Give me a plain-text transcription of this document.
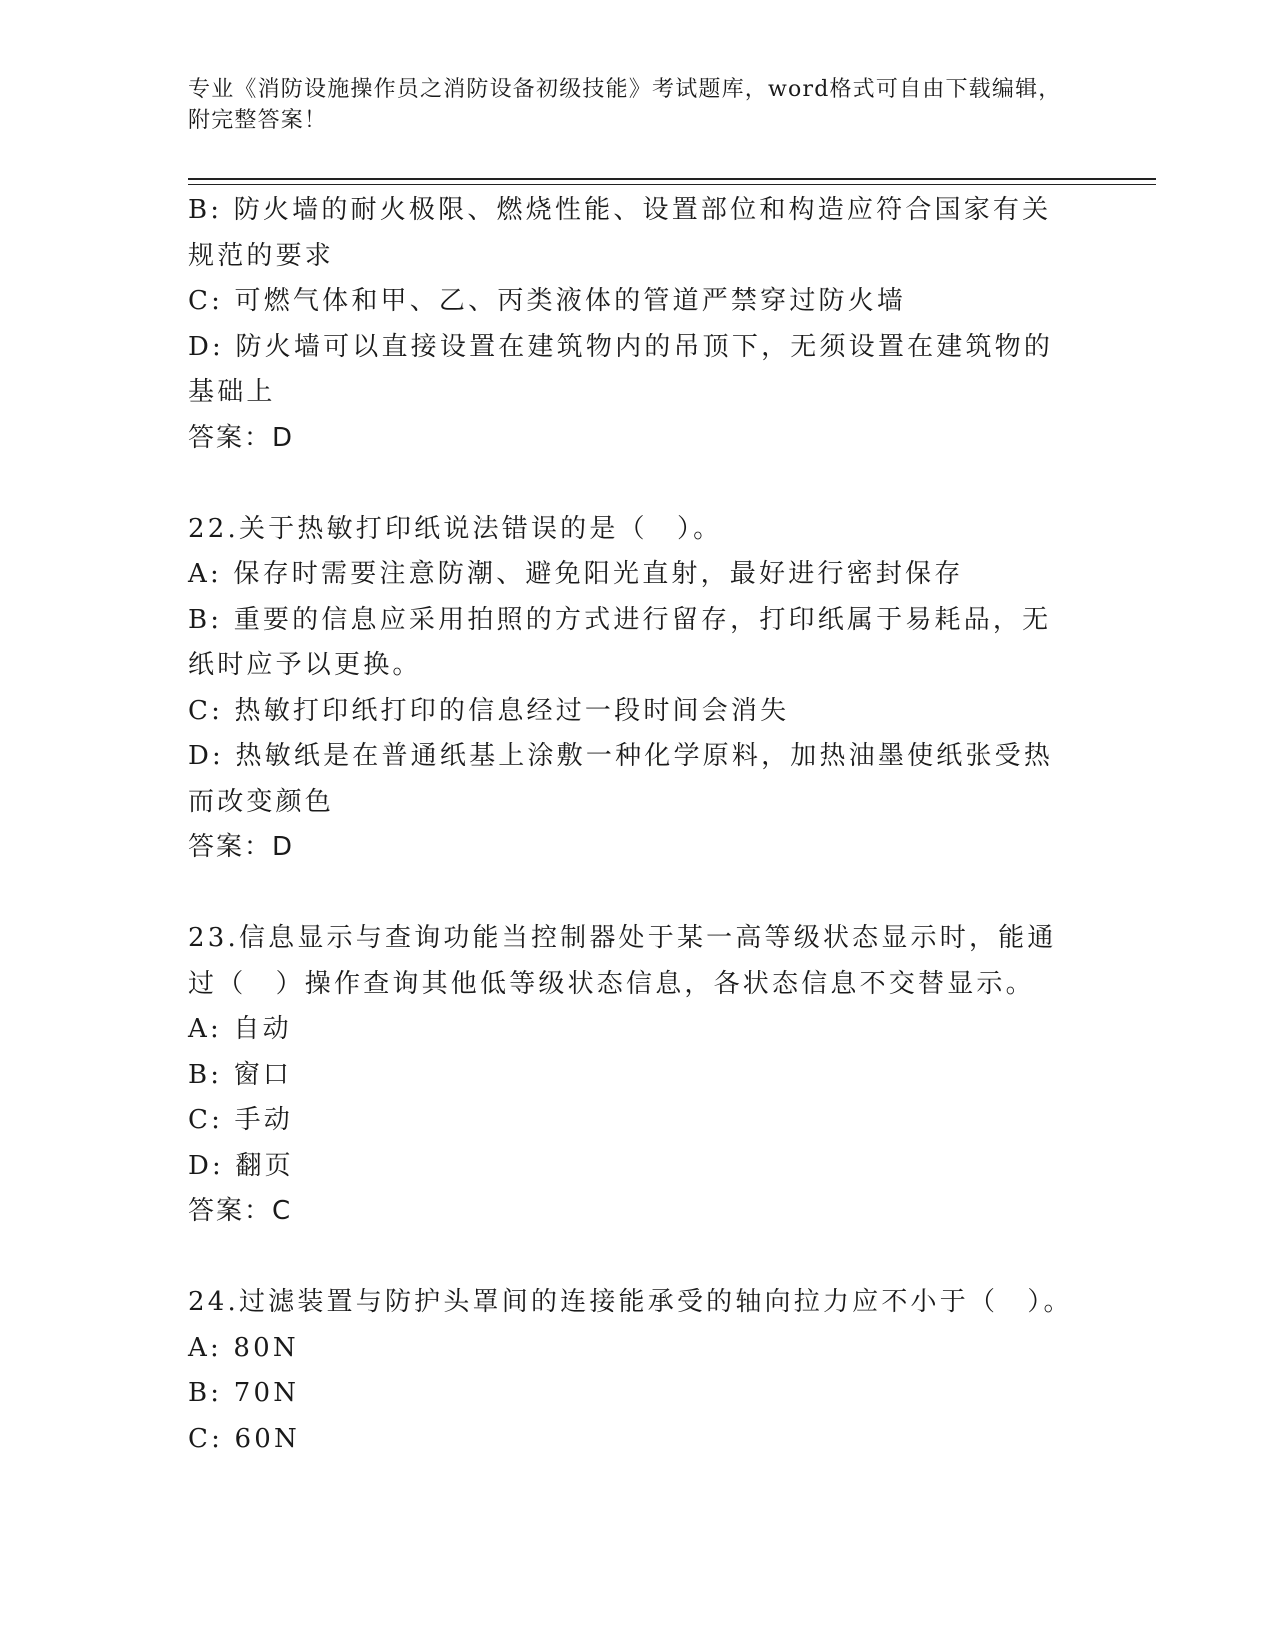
专业《消防设施操作员之消防设备初级技能》考试题库，word格式可自由下载编辑，附完整答案！
B: 防火墙的耐火极限、燃烧性能、设置部位和构造应符合国家有关规范的要求
C: 可燃气体和甲、乙、丙类液体的管道严禁穿过防火墙
D: 防火墙可以直接设置在建筑物内的吊顶下，无须设置在建筑物的基础上
答案：D
22.关于热敏打印纸说法错误的是（　）。
A: 保存时需要注意防潮、避免阳光直射，最好进行密封保存
B: 重要的信息应采用拍照的方式进行留存，打印纸属于易耗品，无纸时应予以更换。
C: 热敏打印纸打印的信息经过一段时间会消失
D: 热敏纸是在普通纸基上涂敷一种化学原料，加热油墨使纸张受热而改变颜色
答案：D
23.信息显示与查询功能当控制器处于某一高等级状态显示时，能通过（　）操作查询其他低等级状态信息，各状态信息不交替显示。
A: 自动
B: 窗口
C: 手动
D: 翻页
答案：C
24.过滤装置与防护头罩间的连接能承受的轴向拉力应不小于（　）。
A: 80N
B: 70N
C: 60N
